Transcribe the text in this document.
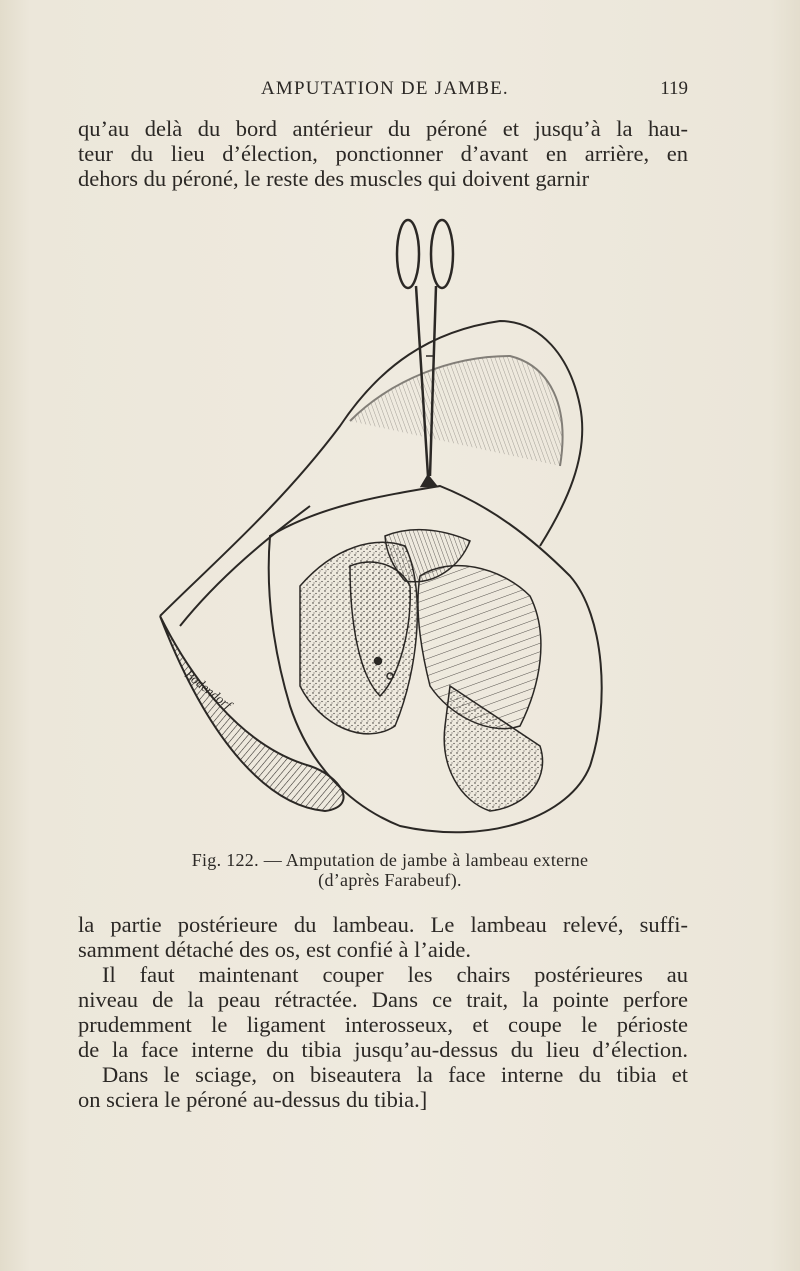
AMPUTATION DE JAMBE.	119

qu’au delà du bord antérieur du péroné et jusqu’à la hau-

teur du lieu d’élection, ponctionner d’avant en arrière, en

dehors du péroné, le reste des muscles qui doivent garnir

Bodendorf
Fig. 122. — Amputation de jambe à lambeau externe
(d’après Farabeuf).

la partie postérieure du lambeau. Le lambeau relevé, suffi-

samment détaché des os, est confié à l’aide.

Il faut maintenant couper les chairs postérieures au

niveau de la peau rétractée. Dans ce trait, la pointe perfore

prudemment le ligament interosseux, et coupe le périoste

de la face interne du tibia jusqu’au-dessus du lieu d’élection.

Dans le sciage, on biseautera la face interne du tibia et

on sciera le péroné au-dessus du tibia.]
